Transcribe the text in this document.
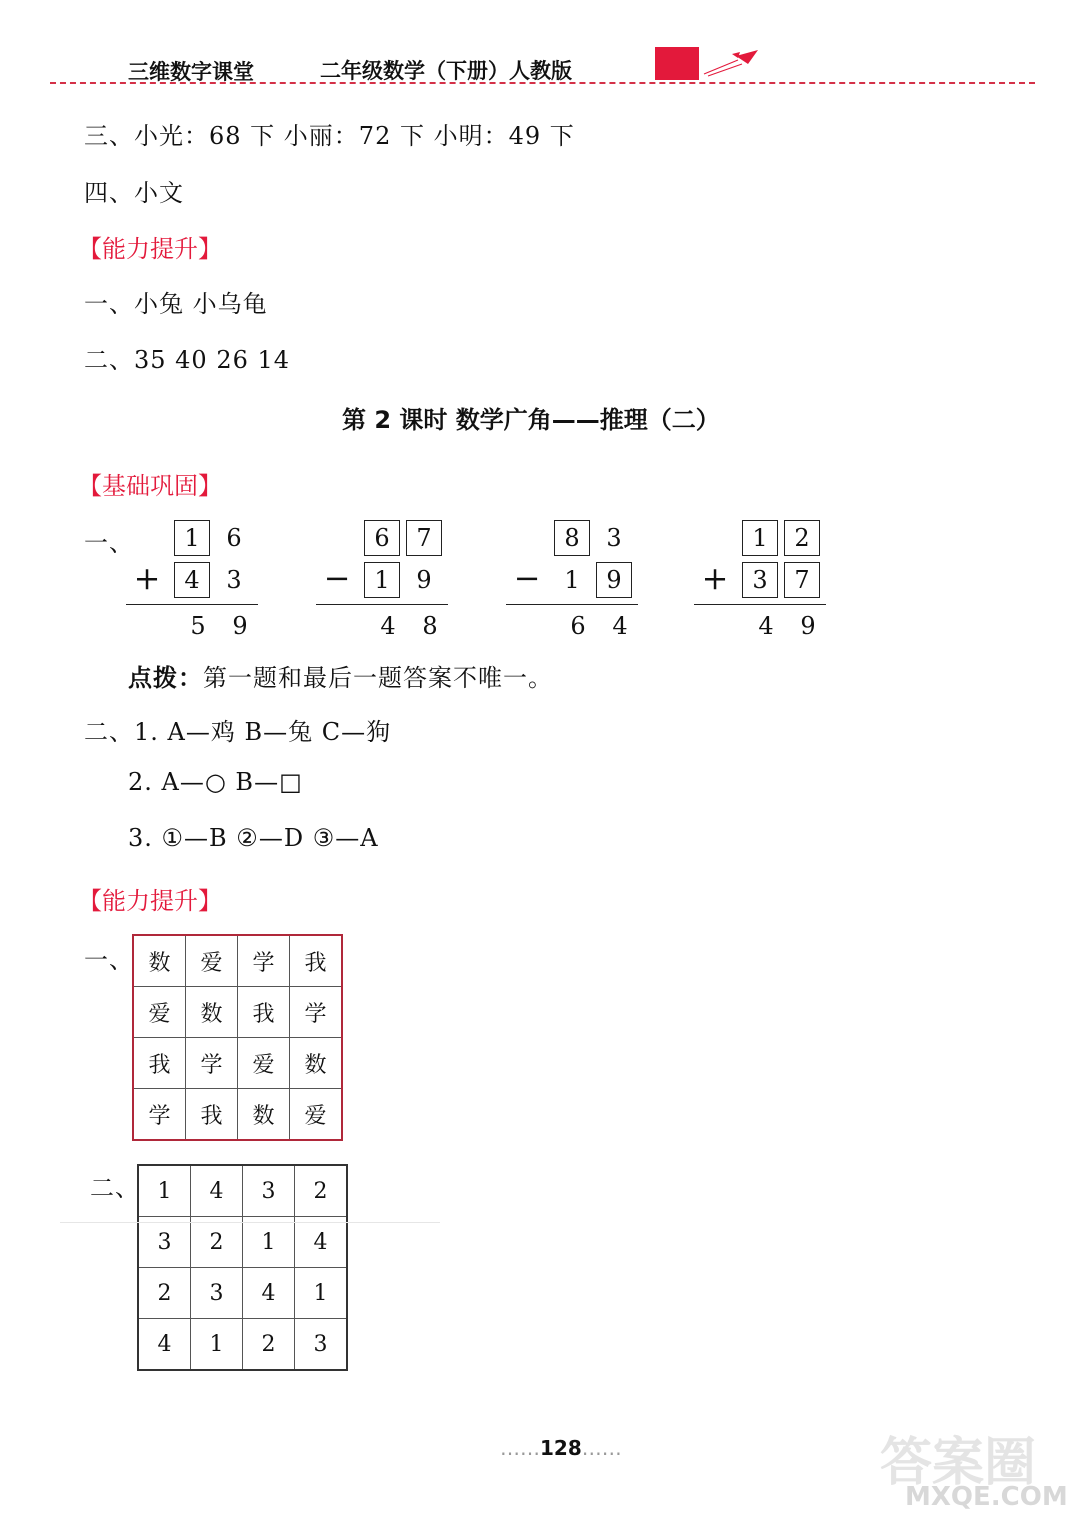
三维数字课堂	二年级数学（下册）人教版
三、小光：68 下 小丽：72 下 小明：49 下
四、小文
【能力提升】
一、小兔 小乌龟
二、35 40 26 14
第 2 课时 数学广角——推理（二）
【基础巩固】
一、	1	6
+ 4	3
5	9
6	7
− 1	9
4	8
8	3
− 1	9
6	4
1	2
+ 3	7
4	9
点拨：第一题和最后一题答案不唯一。
二、1. A—鸡 B—兔 C—狗
2. A—○ B—□
3. ①—B ②—D ③—A
【能力提升】
一、 数	爱	学	我
爱	数	我	学
我	学	爱	数
学	我	数	爱
二、 1	4	3	2
3	2	1	4
2	3	4	1
4	1	2	3
……128……
MXQE.COM
答案圈
